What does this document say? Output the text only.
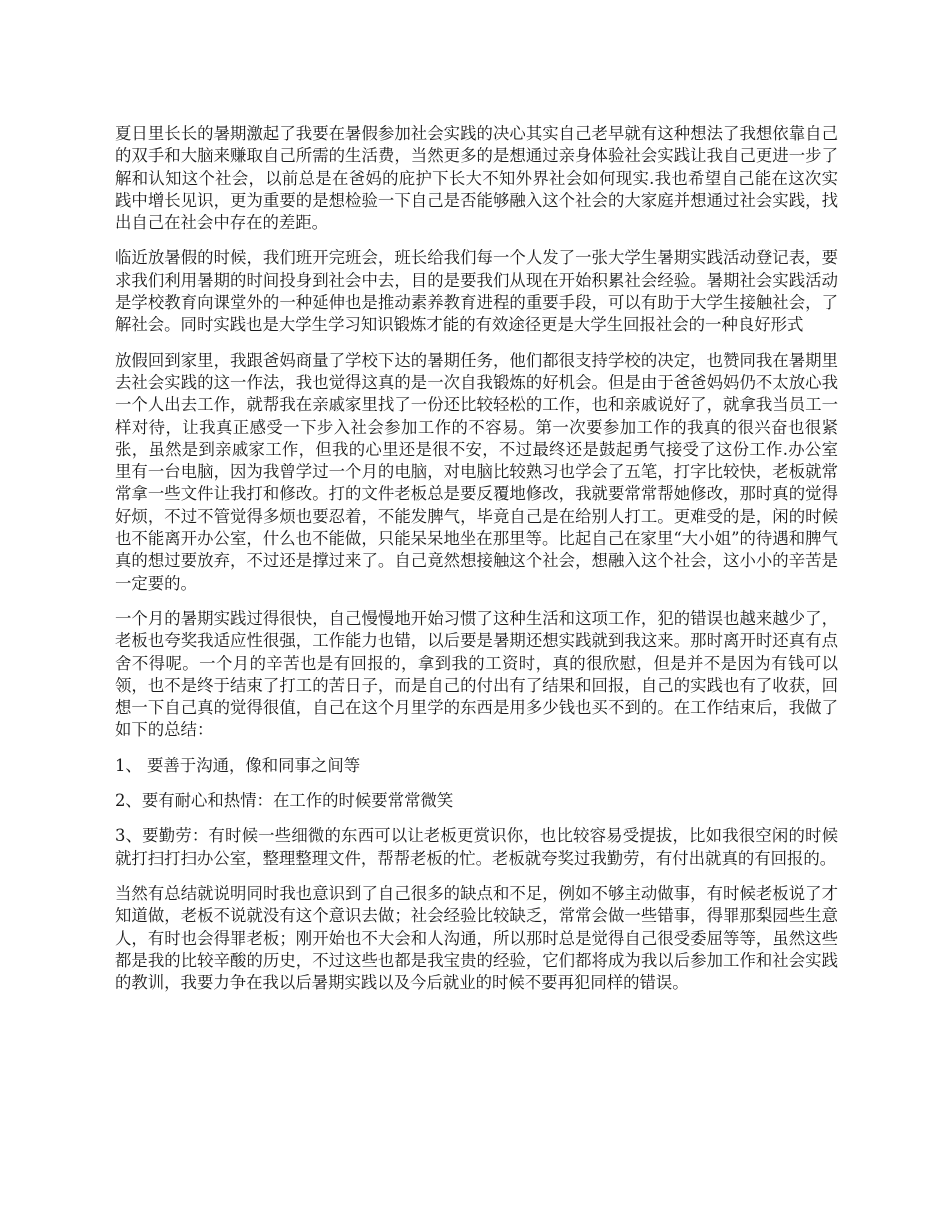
夏日里长长的暑期激起了我要在暑假参加社会实践的决心其实自己老早就有这种想法了我想依靠自己的双手和大脑来赚取自己所需的生活费，当然更多的是想通过亲身体验社会实践让我自己更进一步了解和认知这个社会，以前总是在爸妈的庇护下长大不知外界社会如何现实.我也希望自己能在这次实践中增长见识，更为重要的是想检验一下自己是否能够融入这个社会的大家庭并想通过社会实践，找出自己在社会中存在的差距。

临近放暑假的时候，我们班开完班会，班长给我们每一个人发了一张大学生暑期实践活动登记表，要求我们利用暑期的时间投身到社会中去，目的是要我们从现在开始积累社会经验。暑期社会实践活动是学校教育向课堂外的一种延伸也是推动素养教育进程的重要手段，可以有助于大学生接触社会，了解社会。同时实践也是大学生学习知识锻炼才能的有效途径更是大学生回报社会的一种良好形式

放假回到家里，我跟爸妈商量了学校下达的暑期任务，他们都很支持学校的决定，也赞同我在暑期里去社会实践的这一作法，我也觉得这真的是一次自我锻炼的好机会。但是由于爸爸妈妈仍不太放心我一个人出去工作，就帮我在亲戚家里找了一份还比较轻松的工作，也和亲戚说好了，就拿我当员工一样对待，让我真正感受一下步入社会参加工作的不容易。第一次要参加工作的我真的很兴奋也很紧张，虽然是到亲戚家工作，但我的心里还是很不安，不过最终还是鼓起勇气接受了这份工作.办公室里有一台电脑，因为我曾学过一个月的电脑，对电脑比较熟习也学会了五笔，打字比较快，老板就常常拿一些文件让我打和修改。打的文件老板总是要反覆地修改，我就要常常帮她修改，那时真的觉得好烦，不过不管觉得多烦也要忍着，不能发脾气，毕竟自己是在给别人打工。更难受的是，闲的时候也不能离开办公室，什么也不能做，只能呆呆地坐在那里等。比起自己在家里“大小姐”的待遇和脾气真的想过要放弃，不过还是撑过来了。自己竟然想接触这个社会，想融入这个社会，这小小的辛苦是一定要的。

一个月的暑期实践过得很快，自己慢慢地开始习惯了这种生活和这项工作，犯的错误也越来越少了，老板也夸奖我适应性很强，工作能力也错，以后要是暑期还想实践就到我这来。那时离开时还真有点舍不得呢。一个月的辛苦也是有回报的，拿到我的工资时，真的很欣慰，但是并不是因为有钱可以领，也不是终于结束了打工的苦日子，而是自己的付出有了结果和回报，自己的实践也有了收获，回想一下自己真的觉得很值，自己在这个月里学的东西是用多少钱也买不到的。在工作结束后，我做了如下的总结：

1、 要善于沟通，像和同事之间等

2、要有耐心和热情：在工作的时候要常常微笑

3、要勤劳：有时候一些细微的东西可以让老板更赏识你，也比较容易受提拔，比如我很空闲的时候就打扫打扫办公室，整理整理文件，帮帮老板的忙。老板就夸奖过我勤劳，有付出就真的有回报的。

当然有总结就说明同时我也意识到了自己很多的缺点和不足，例如不够主动做事，有时候老板说了才知道做，老板不说就没有这个意识去做；社会经验比较缺乏，常常会做一些错事，得罪那梨园些生意人，有时也会得罪老板；刚开始也不大会和人沟通，所以那时总是觉得自己很受委屈等等，虽然这些都是我的比较辛酸的历史，不过这些也都是我宝贵的经验，它们都将成为我以后参加工作和社会实践的教训，我要力争在我以后暑期实践以及今后就业的时候不要再犯同样的错误。
